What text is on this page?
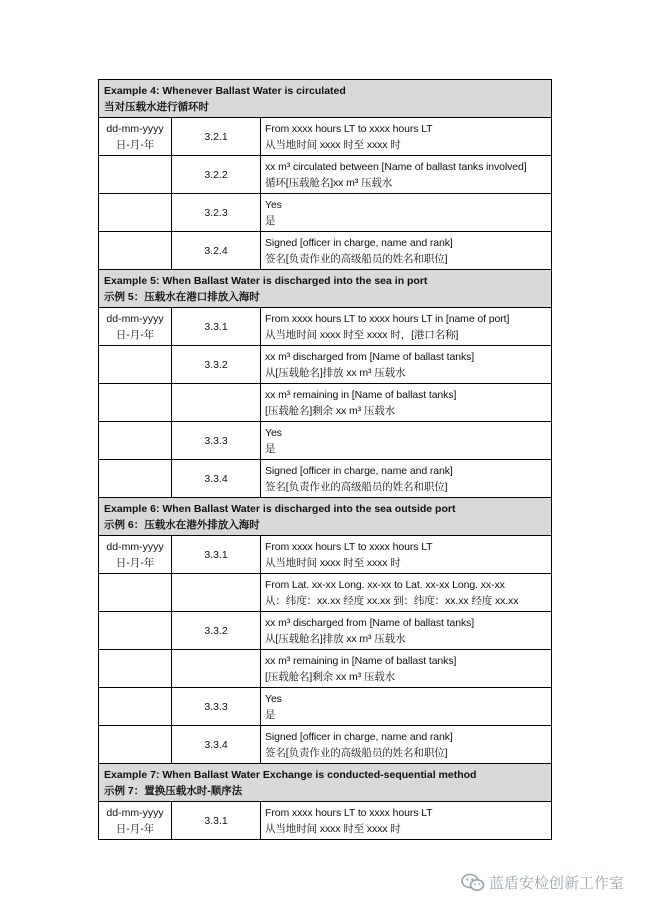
Example 4: Whenever Ballast Water is circulated
当对压载水进行循环时		

dd-mm-yyyy
日-月-年	3.2.1	From xxxx hours LT to xxxx hours LT
从当地时间 xxxx 时至 xxxx 时

	3.2.2	xx m³ circulated between [Name of ballast tanks involved]
循环[压载舱名]xx m³ 压载水

	3.2.3	Yes
是

	3.2.4	Signed [officer in charge, name and rank]
签名[负责作业的高级船员的姓名和职位]

Example 5: When Ballast Water is discharged into the sea in port
示例 5：压载水在港口排放入海时		

dd-mm-yyyy
日-月-年	3.3.1	From xxxx hours LT to xxxx hours LT in [name of port]
从当地时间 xxxx 时至 xxxx 时，[港口名称]

	3.3.2	xx m³ discharged from [Name of ballast tanks]
从[压载舱名]排放 xx m³ 压载水

		xx m³ remaining in [Name of ballast tanks]
[压载舱名]剩余 xx m³ 压载水

	3.3.3	Yes
是

	3.3.4	Signed [officer in charge, name and rank]
签名[负责作业的高级船员的姓名和职位]

Example 6: When Ballast Water is discharged into the sea outside port
示例 6：压载水在港外排放入海时		

dd-mm-yyyy
日-月-年	3.3.1	From xxxx hours LT to xxxx hours LT
从当地时间 xxxx 时至 xxxx 时

		From Lat. xx-xx Long. xx-xx to Lat. xx-xx Long. xx-xx
从：纬度：xx.xx 经度 xx.xx 到：纬度：xx.xx 经度 xx.xx

	3.3.2	xx m³ discharged from [Name of ballast tanks]
从[压载舱名]排放 xx m³ 压载水

		xx m³ remaining in [Name of ballast tanks]
[压载舱名]剩余 xx m³ 压载水

	3.3.3	Yes
是

	3.3.4	Signed [officer in charge, name and rank]
签名[负责作业的高级船员的姓名和职位]

Example 7: When Ballast Water Exchange is conducted-sequential method
示例 7：置换压载水时-顺序法		

dd-mm-yyyy
日-月-年	3.3.1	From xxxx hours LT to xxxx hours LT
从当地时间 xxxx 时至 xxxx 时
蓝盾安检创新工作室
